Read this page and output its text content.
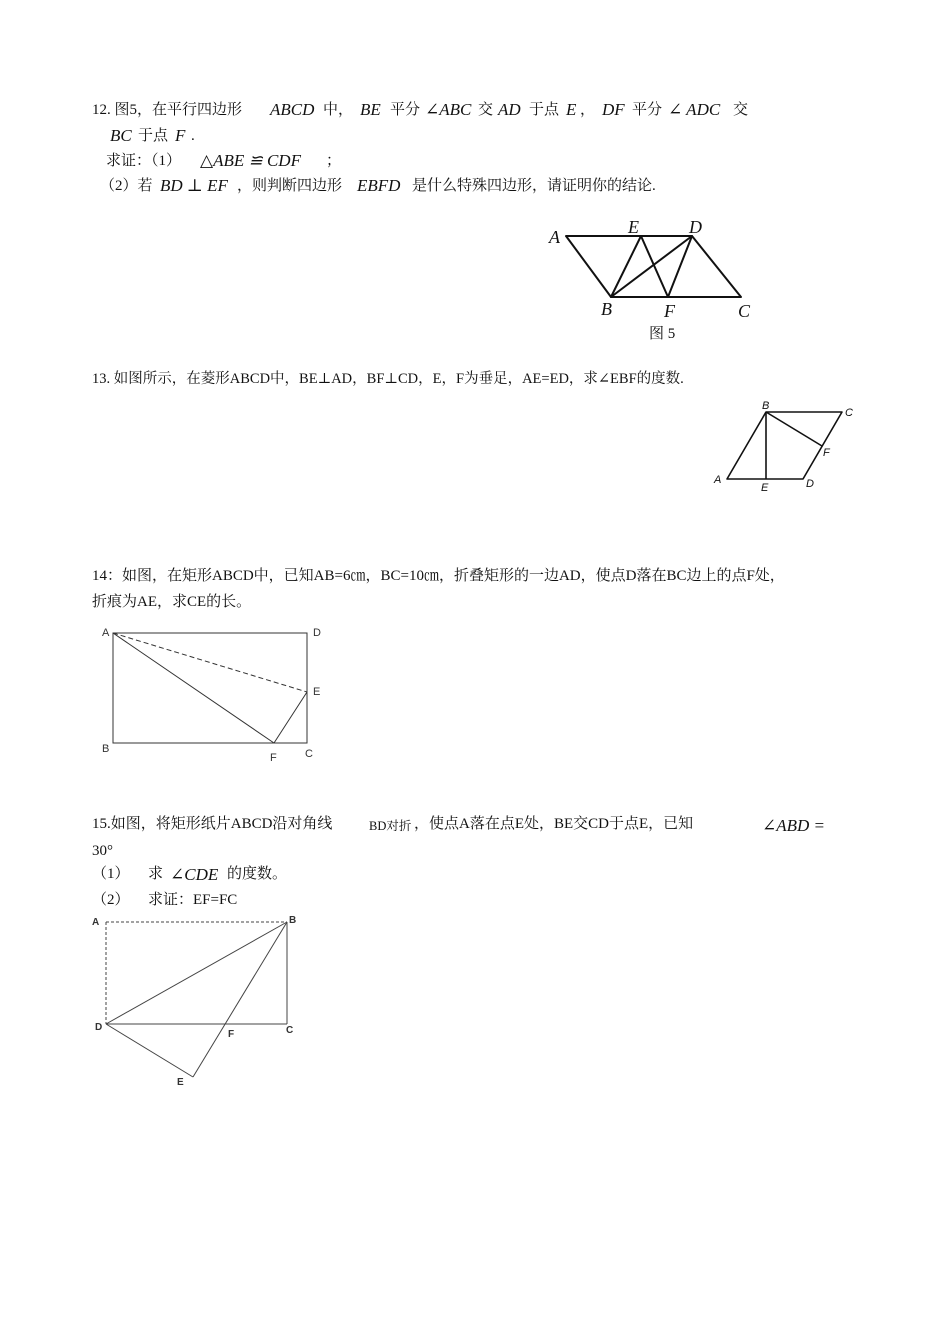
12. 图5，在平行四边形 ABCD 中， BE 平分 ∠ABC 交 AD 于点 E ， DF 平分 ∠ ADC 交
BC 于点 F .
求证：（1） △ABE ≌ CDF ；
（2）若 BD ⊥ EF ，则判断四边形 EBFD 是什么特殊四边形，请证明你的结论.
A	E	D
B	F	C
图 5
13. 如图所示，在菱形ABCD中，BE⊥AD，BF⊥CD，E，F为垂足，AE=ED，求∠EBF的度数.
A
B
C
D
E
F
14：如图，在矩形ABCD中，已知AB=6㎝，BC=10㎝，折叠矩形的一边AD，使点D落在BC边上的点F处，
折痕为AE，求CE的长。
A	D
E
B
F	C
15.如图，将矩形纸片ABCD沿对角线	BD对折 ，使点A落在点E处，BE交CD于点E，已知	∠ABD =
30°
（1） 求 ∠CDE 的度数。
（2） 求证：EF=FC
A	B
D	C
F
E
